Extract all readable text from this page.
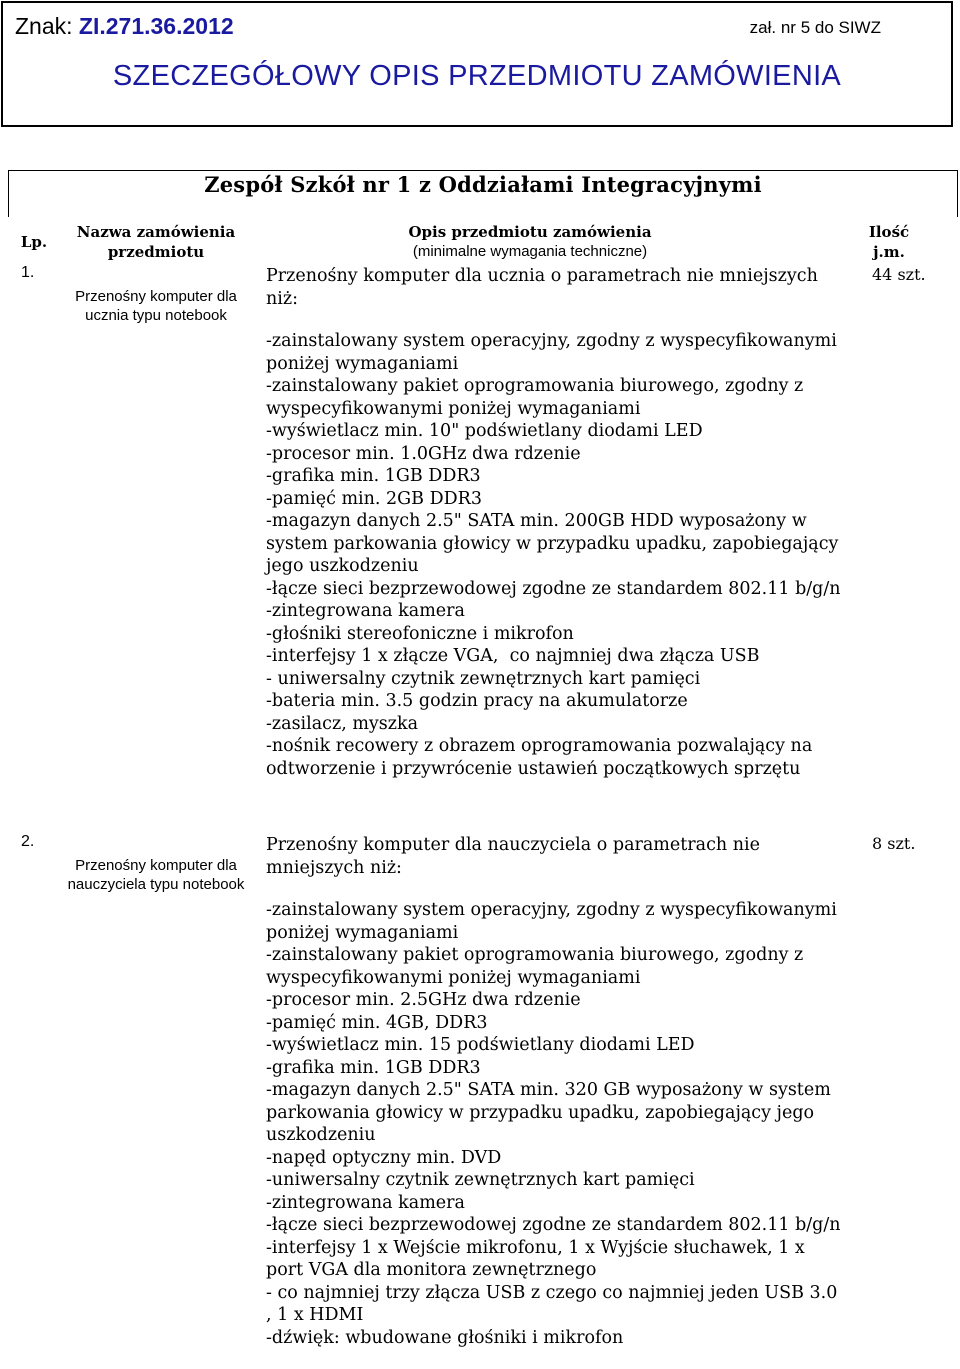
Znak: ZI.271.36.2012	zał. nr 5 do SIWZ
SZECZEGÓŁOWY OPIS PRZEDMIOTU ZAMÓWIENIA
Zespół Szkół nr 1 z Oddziałami Integracyjnymi
Lp.
Nazwa zamówienia
przedmiotu
Opis przedmiotu zamówienia
(minimalne wymagania techniczne)
Ilość
j.m.
1.
Przenośny komputer dla ucznia typu notebook
44 szt.

Przenośny komputer dla ucznia o parametrach nie mniejszych niż:

-zainstalowany system operacyjny, zgodny z wyspecyfikowanymi poniżej wymaganiami

-zainstalowany pakiet oprogramowania biurowego, zgodny z wyspecyfikowanymi poniżej wymaganiami

-wyświetlacz min. 10" podświetlany diodami LED

-procesor min. 1.0GHz dwa rdzenie

-grafika min. 1GB DDR3

-pamięć min. 2GB DDR3

-magazyn danych 2.5" SATA min. 200GB HDD wyposażony w system parkowania głowicy w przypadku upadku, zapobiegający jego uszkodzeniu

-łącze sieci bezprzewodowej zgodne ze standardem 802.11 b/g/n

-zintegrowana kamera

-głośniki stereofoniczne i mikrofon

-interfejsy 1 x złącze VGA,  co najmniej dwa złącza USB

- uniwersalny czytnik zewnętrznych kart pamięci

-bateria min. 3.5 godzin pracy na akumulatorze

-zasilacz, myszka

-nośnik recowery z obrazem oprogramowania pozwalający na odtworzenie i przywrócenie ustawień początkowych sprzętu

2.
Przenośny komputer dla nauczyciela typu notebook
8 szt.

Przenośny komputer dla nauczyciela o parametrach nie mniejszych niż:

-zainstalowany system operacyjny, zgodny z wyspecyfikowanymi poniżej wymaganiami

-zainstalowany pakiet oprogramowania biurowego, zgodny z wyspecyfikowanymi poniżej wymaganiami

-procesor min. 2.5GHz dwa rdzenie

-pamięć min. 4GB, DDR3

-wyświetlacz min. 15 podświetlany diodami LED

-grafika min. 1GB DDR3

-magazyn danych 2.5" SATA min. 320 GB wyposażony w system parkowania głowicy w przypadku upadku, zapobiegający jego uszkodzeniu

-napęd optyczny min. DVD

-uniwersalny czytnik zewnętrznych kart pamięci

-zintegrowana kamera

-łącze sieci bezprzewodowej zgodne ze standardem 802.11 b/g/n

-interfejsy 1 x Wejście mikrofonu, 1 x Wyjście słuchawek, 1 x port VGA dla monitora zewnętrznego

- co najmniej trzy złącza USB z czego co najmniej jeden USB 3.0 , 1 x HDMI

-dźwięk: wbudowane głośniki i mikrofon
